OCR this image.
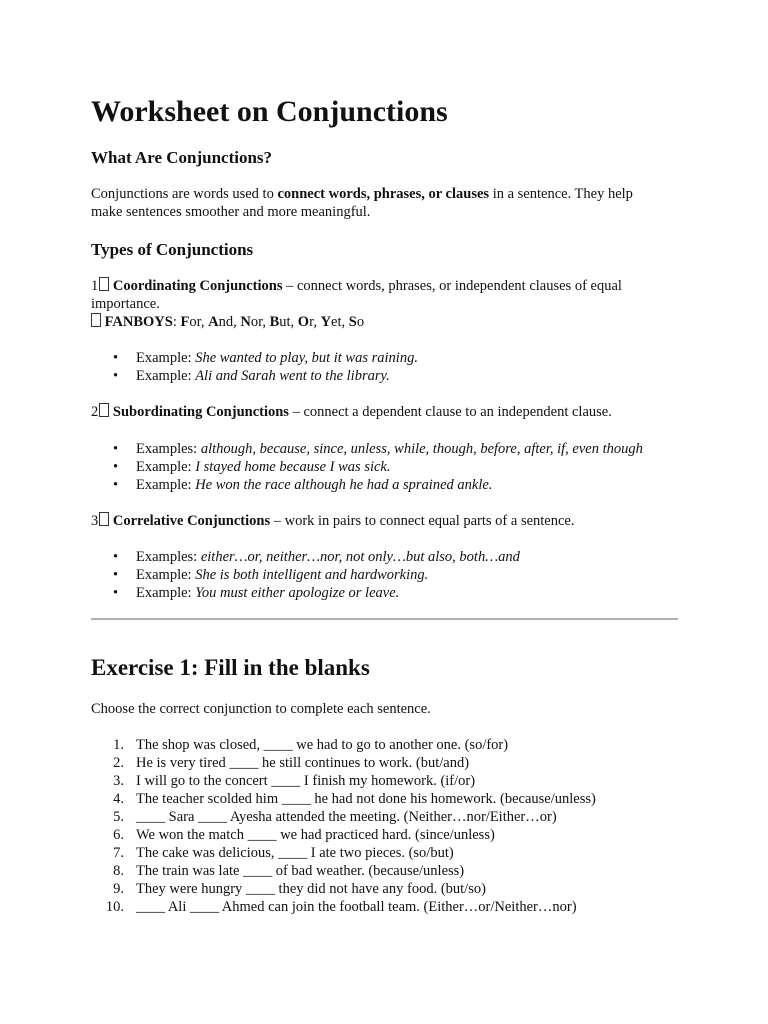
Worksheet on Conjunctions
What Are Conjunctions?
Conjunctions are words used to connect words, phrases, or clauses in a sentence. They help
make sentences smoother and more meaningful.
Types of Conjunctions
1 Coordinating Conjunctions – connect words, phrases, or independent clauses of equal
importance.
FANBOYS: For, And, Nor, But, Or, Yet, So
• Example: She wanted to play, but it was raining.
• Example: Ali and Sarah went to the library.
2 Subordinating Conjunctions – connect a dependent clause to an independent clause.
• Examples: although, because, since, unless, while, though, before, after, if, even though
• Example: I stayed home because I was sick.
• Example: He won the race although he had a sprained ankle.
3 Correlative Conjunctions – work in pairs to connect equal parts of a sentence.
• Examples: either…or, neither…nor, not only…but also, both…and
• Example: She is both intelligent and hardworking.
• Example: You must either apologize or leave.
Exercise 1: Fill in the blanks
Choose the correct conjunction to complete each sentence.
1. The shop was closed, ____ we had to go to another one. (so/for)
2. He is very tired ____ he still continues to work. (but/and)
3. I will go to the concert ____ I finish my homework. (if/or)
4. The teacher scolded him ____ he had not done his homework. (because/unless)
5. ____ Sara ____ Ayesha attended the meeting. (Neither…nor/Either…or)
6. We won the match ____ we had practiced hard. (since/unless)
7. The cake was delicious, ____ I ate two pieces. (so/but)
8. The train was late ____ of bad weather. (because/unless)
9. They were hungry ____ they did not have any food. (but/so)
10. ____ Ali ____ Ahmed can join the football team. (Either…or/Neither…nor)
